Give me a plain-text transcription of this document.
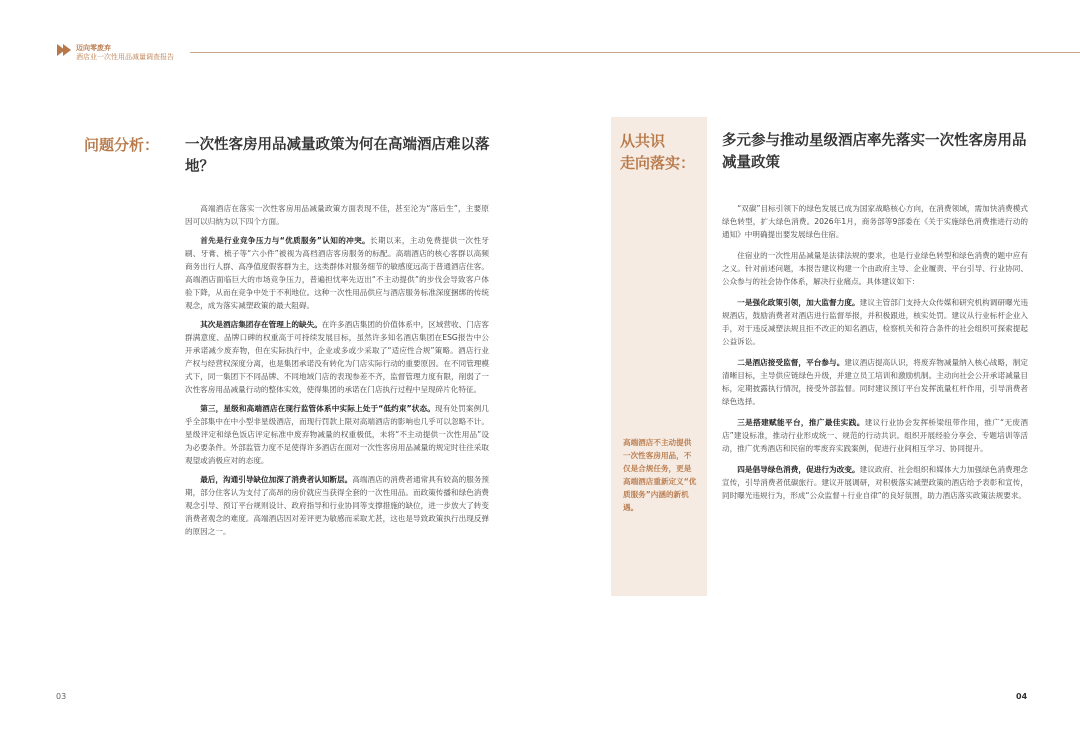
迈向零废弃
酒店业一次性用品减量调查报告
问题分析： 一次性客房用品减量政策为何在高端酒店难以落地？

高端酒店在落实一次性客房用品减量政策方面表现不佳，甚至沦为“落后生”，主要原因可以归纳为以下四个方面。

首先是行业竞争压力与“优质服务”认知的冲突。长期以来，主动免费提供一次性牙刷、牙膏、梳子等“六小件”被视为高档酒店客房服务的标配。高端酒店的核心客群以高频商务出行人群、高净值度假客群为主，这类群体对服务细节的敏感度远高于普通酒店住客。高端酒店面临巨大的市场竞争压力，普遍担忧率先迈出“不主动提供”的步伐会导致客户体验下降，从而在竞争中处于不利地位。这种一次性用品供应与酒店服务标准深度捆绑的传统观念，成为落实减塑政策的最大阻碍。

其次是酒店集团存在管理上的缺失。在许多酒店集团的价值体系中，区域营收、门店客群满意度、品牌口碑的权重高于可持续发展目标，虽然许多知名酒店集团在ESG报告中公开承诺减少废弃物，但在实际执行中，企业或多或少采取了“适应性合规”策略。酒店行业产权与经营权深度分离，也是集团承诺没有转化为门店实际行动的重要原因。在不同管理模式下，同一集团下不同品牌、不同地域门店的表现参差不齐，监督管理力度有限，削弱了一次性客房用品减量行动的整体实效，使得集团的承诺在门店执行过程中呈现碎片化特征。

第三，星级和高端酒店在现行监管体系中实际上处于“低约束”状态。现有处罚案例几乎全部集中在中小型非星级酒店，而现行罚款上限对高端酒店的影响也几乎可以忽略不计。星级评定和绿色饭店评定标准中废弃物减量的权重极低，未将“不主动提供一次性用品”设为必要条件。外部监管力度不足使得许多酒店在面对一次性客房用品减量的规定时往往采取观望或消极应对的态度。

最后，沟通引导缺位加深了消费者认知断层。高端酒店的消费者通常具有较高的服务预期，部分住客认为支付了高昂的房价就应当获得全套的一次性用品。而政策传播和绿色消费观念引导、预订平台规则设计、政府指导和行业协同等支撑措施的缺位，进一步放大了转变消费者观念的难度。高端酒店因对差评更为敏感而采取尤甚，这也是导致政策执行出现反弹的原因之一。

从共识
走向落实：
高端酒店不主动提供一次性客房用品，不仅是合规任务，更是高端酒店重新定义“优质服务”内涵的新机遇。
多元参与推动星级酒店率先落实一次性客房用品减量政策

“双碳”目标引领下的绿色发展已成为国家战略核心方向，在消费领域，需加快消费模式绿色转型，扩大绿色消费。2026年1月，商务部等9部委在《关于实施绿色消费推进行动的通知》中明确提出要发展绿色住宿。

住宿业的一次性用品减量是法律法规的要求，也是行业绿色转型和绿色消费的题中应有之义。针对前述问题，本报告建议构建一个由政府主导、企业履责、平台引导、行业协同、公众参与的社会协作体系，解决行业痛点。具体建议如下：

一是强化政策引领，加大监督力度。建议主管部门支持大众传媒和研究机构调研曝光违规酒店，鼓励消费者对酒店进行监督举报，并积极跟进，核实处罚。建议从行业标杆企业入手，对于违反减塑法规且拒不改正的知名酒店，检察机关和符合条件的社会组织可探索提起公益诉讼。

二是酒店接受监督，平台参与。建议酒店提高认识，将废弃物减量纳入核心战略，制定清晰目标，主导供应链绿色升级，并建立员工培训和激励机制。主动向社会公开承诺减量目标，定期披露执行情况，接受外部监督。同时建议预订平台发挥流量杠杆作用，引导消费者绿色选择。

三是搭建赋能平台，推广最佳实践。建议行业协会发挥桥梁纽带作用，推广“无废酒店”建设标准，推动行业形成统一、规范的行动共识。组织开展经验分享会、专题培训等活动，推广优秀酒店和民宿的零废弃实践案例，促进行业间相互学习、协同提升。

四是倡导绿色消费，促进行为改变。建议政府、社会组织和媒体大力加强绿色消费理念宣传，引导消费者低碳旅行。建议开展调研，对积极落实减塑政策的酒店给予表彰和宣传，同时曝光违规行为，形成“公众监督＋行业自律”的良好氛围，助力酒店落实政策法规要求。

03	04
